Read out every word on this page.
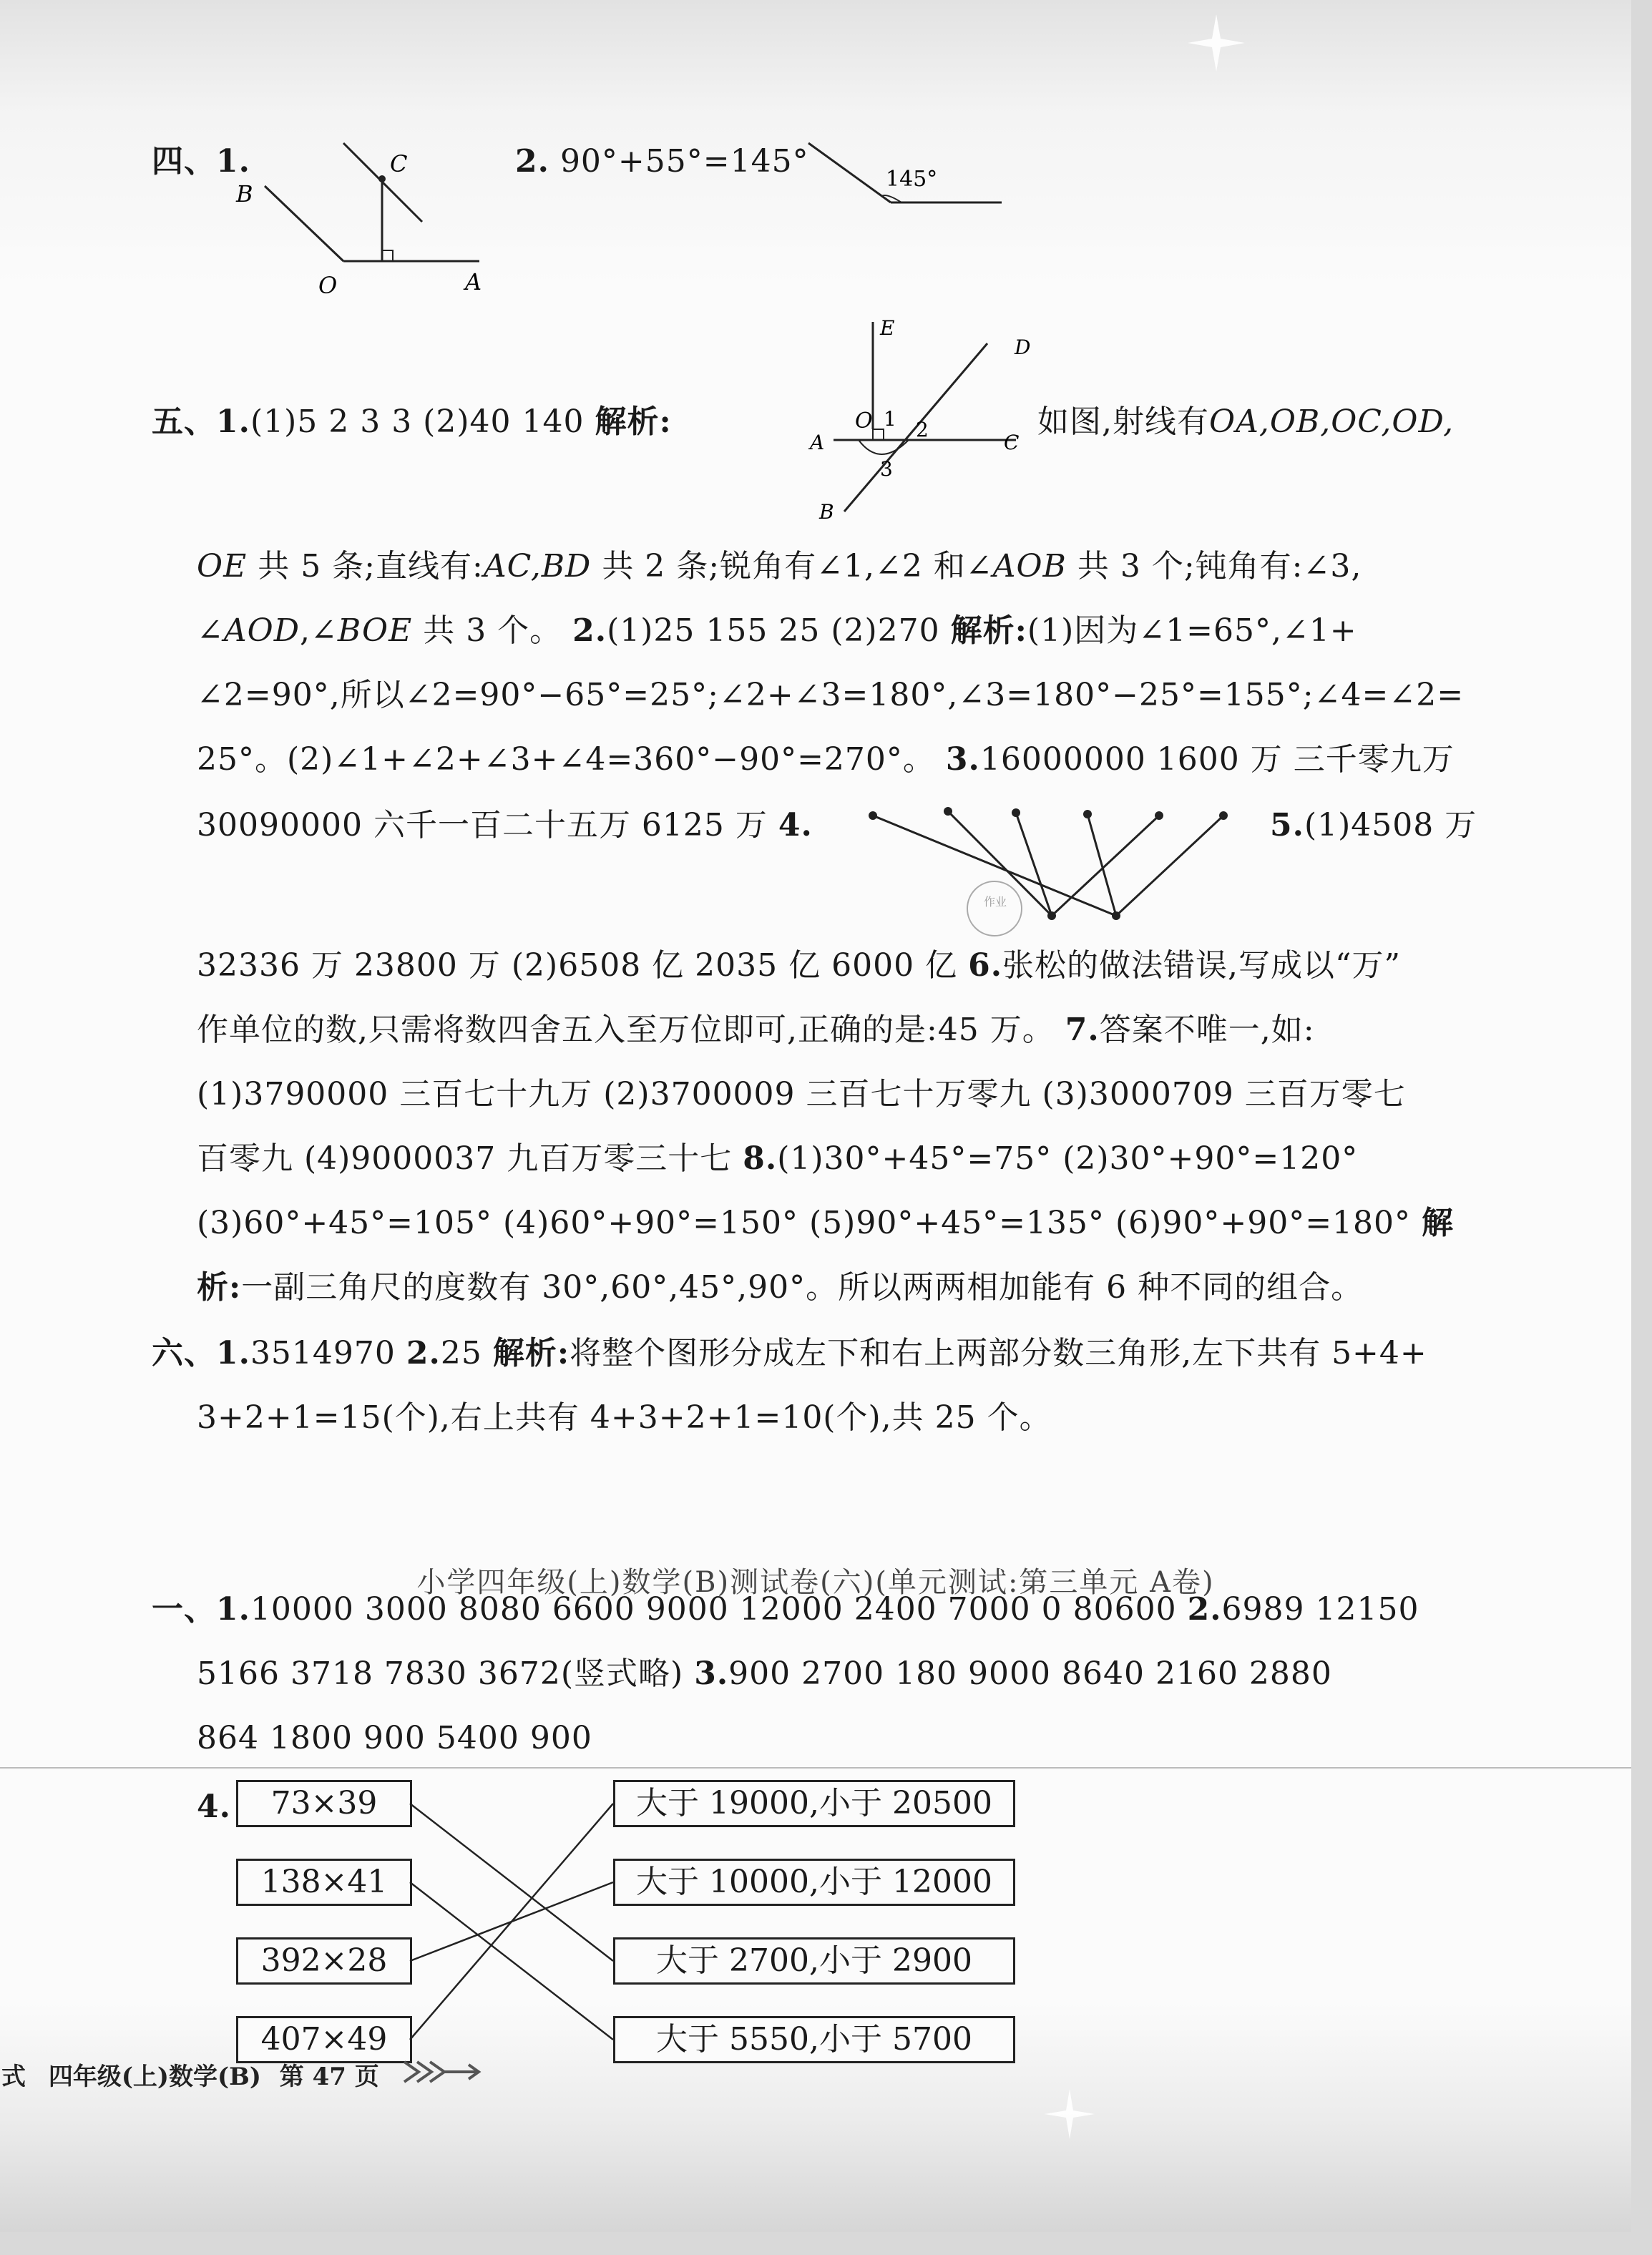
四、1.
B
C
O	A
2. 90°+55°=145°	145°
E
D
1
O 2
A	C
3
B
五、1.(1)5 2 3 3 (2)40 140 解析:	如图,射线有OA,OB,OC,OD,
OE 共 5 条;直线有:AC,BD 共 2 条;锐角有∠1,∠2 和∠AOB 共 3 个;钝角有:∠3,
∠AOD,∠BOE 共 3 个。 2.(1)25 155 25 (2)270 解析:(1)因为∠1=65°,∠1+
∠2=90°,所以∠2=90°−65°=25°;∠2+∠3=180°,∠3=180°−25°=155°;∠4=∠2=
25°。(2)∠1+∠2+∠3+∠4=360°−90°=270°。 3.16000000 1600 万 三千零九万
30090000 六千一百二十五万 6125 万 4.
作业
5.(1)4508 万
32336 万 23800 万 (2)6508 亿 2035 亿 6000 亿 6.张松的做法错误,写成以“万”
作单位的数,只需将数四舍五入至万位即可,正确的是:45 万。 7.答案不唯一,如:
(1)3790000 三百七十九万 (2)3700009 三百七十万零九 (3)3000709 三百万零七
百零九 (4)9000037 九百万零三十七 8.(1)30°+45°=75° (2)30°+90°=120°
(3)60°+45°=105° (4)60°+90°=150° (5)90°+45°=135° (6)90°+90°=180° 解
析:一副三角尺的度数有 30°,60°,45°,90°。所以两两相加能有 6 种不同的组合。
六、1.3514970 2.25 解析:将整个图形分成左下和右上两部分数三角形,左下共有 5+4+
3+2+1=15(个),右上共有 4+3+2+1=10(个),共 25 个。
小学四年级(上)数学(B)测试卷(六)(单元测试:第三单元 A卷)
一、1.10000 3000 8080 6600 9000 12000 2400 7000 0 80600 2.6989 12150
5166 3718 7830 3672(竖式略) 3.900 2700 180 9000 8640 2160 2880
864 1800 900 5400 900
4.	73×39
138×41
392×28
407×49
大于 19000,小于 20500
大于 10000,小于 12000
大于 2700,小于 2900
大于 5550,小于 5700
式 四年级(上)数学(B) 第 47 页
